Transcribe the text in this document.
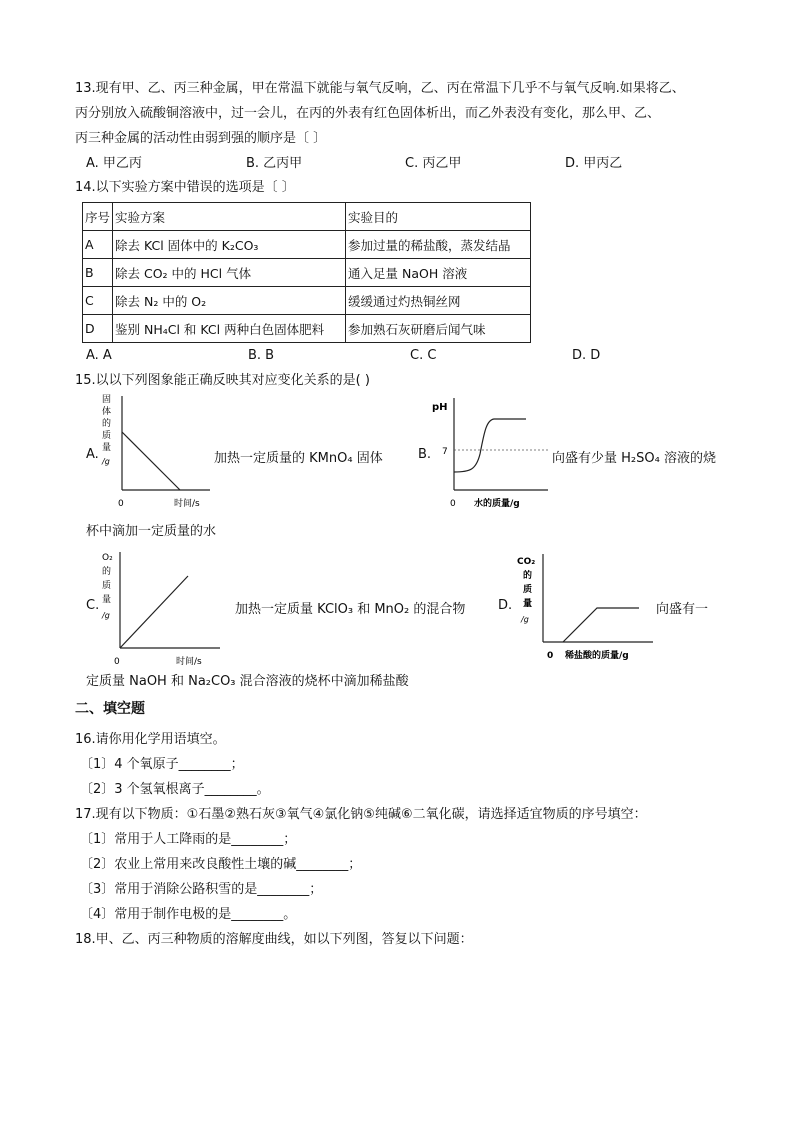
13.现有甲、乙、丙三种金属，甲在常温下就能与氧气反响，乙、丙在常温下几乎不与氧气反响.如果将乙、
丙分别放入硫酸铜溶液中，过一会儿，在丙的外表有红色固体析出，而乙外表没有变化，那么甲、乙、
丙三种金属的活动性由弱到强的顺序是〔 〕
A. 甲乙丙	B. 乙丙甲	C. 丙乙甲	D. 甲丙乙
14.以下实验方案中错误的选项是〔 〕
序号	实验方案	实验目的
A	除去 KCl 固体中的 K₂CO₃	参加过量的稀盐酸，蒸发结晶
B	除去 CO₂ 中的 HCl 气体	通入足量 NaOH 溶液
C	除去 N₂ 中的 O₂	缓缓通过灼热铜丝网
D	鉴别 NH₄Cl 和 KCl 两种白色固体肥料	参加熟石灰研磨后闻气味
A. A	B. B	C. C	D. D
15.以以下列图象能正确反映其对应变化关系的是( )
A.
固
体
的
质
量
/g
0	时间/s
加热一定质量的 KMnO₄ 固体	B.
pH
7
0 水的质量/g
向盛有少量 H₂SO₄ 溶液的烧
杯中滴加一定质量的水
C.
O₂
的
质
量
/g
0	时间/s
加热一定质量 KClO₃ 和 MnO₂ 的混合物	D.
CO₂
的
质
量
/g
0 稀盐酸的质量/g
向盛有一
定质量 NaOH 和 Na₂CO₃ 混合溶液的烧杯中滴加稀盐酸
二、填空题
16.请你用化学用语填空。
〔1〕4 个氧原子________；
〔2〕3 个氢氧根离子________。
17.现有以下物质：①石墨②熟石灰③氧气④氯化钠⑤纯碱⑥二氧化碳，请选择适宜物质的序号填空：
〔1〕常用于人工降雨的是________；
〔2〕农业上常用来改良酸性土壤的碱________；
〔3〕常用于消除公路积雪的是________；
〔4〕常用于制作电极的是________。
18.甲、乙、丙三种物质的溶解度曲线，如以下列图，答复以下问题：
